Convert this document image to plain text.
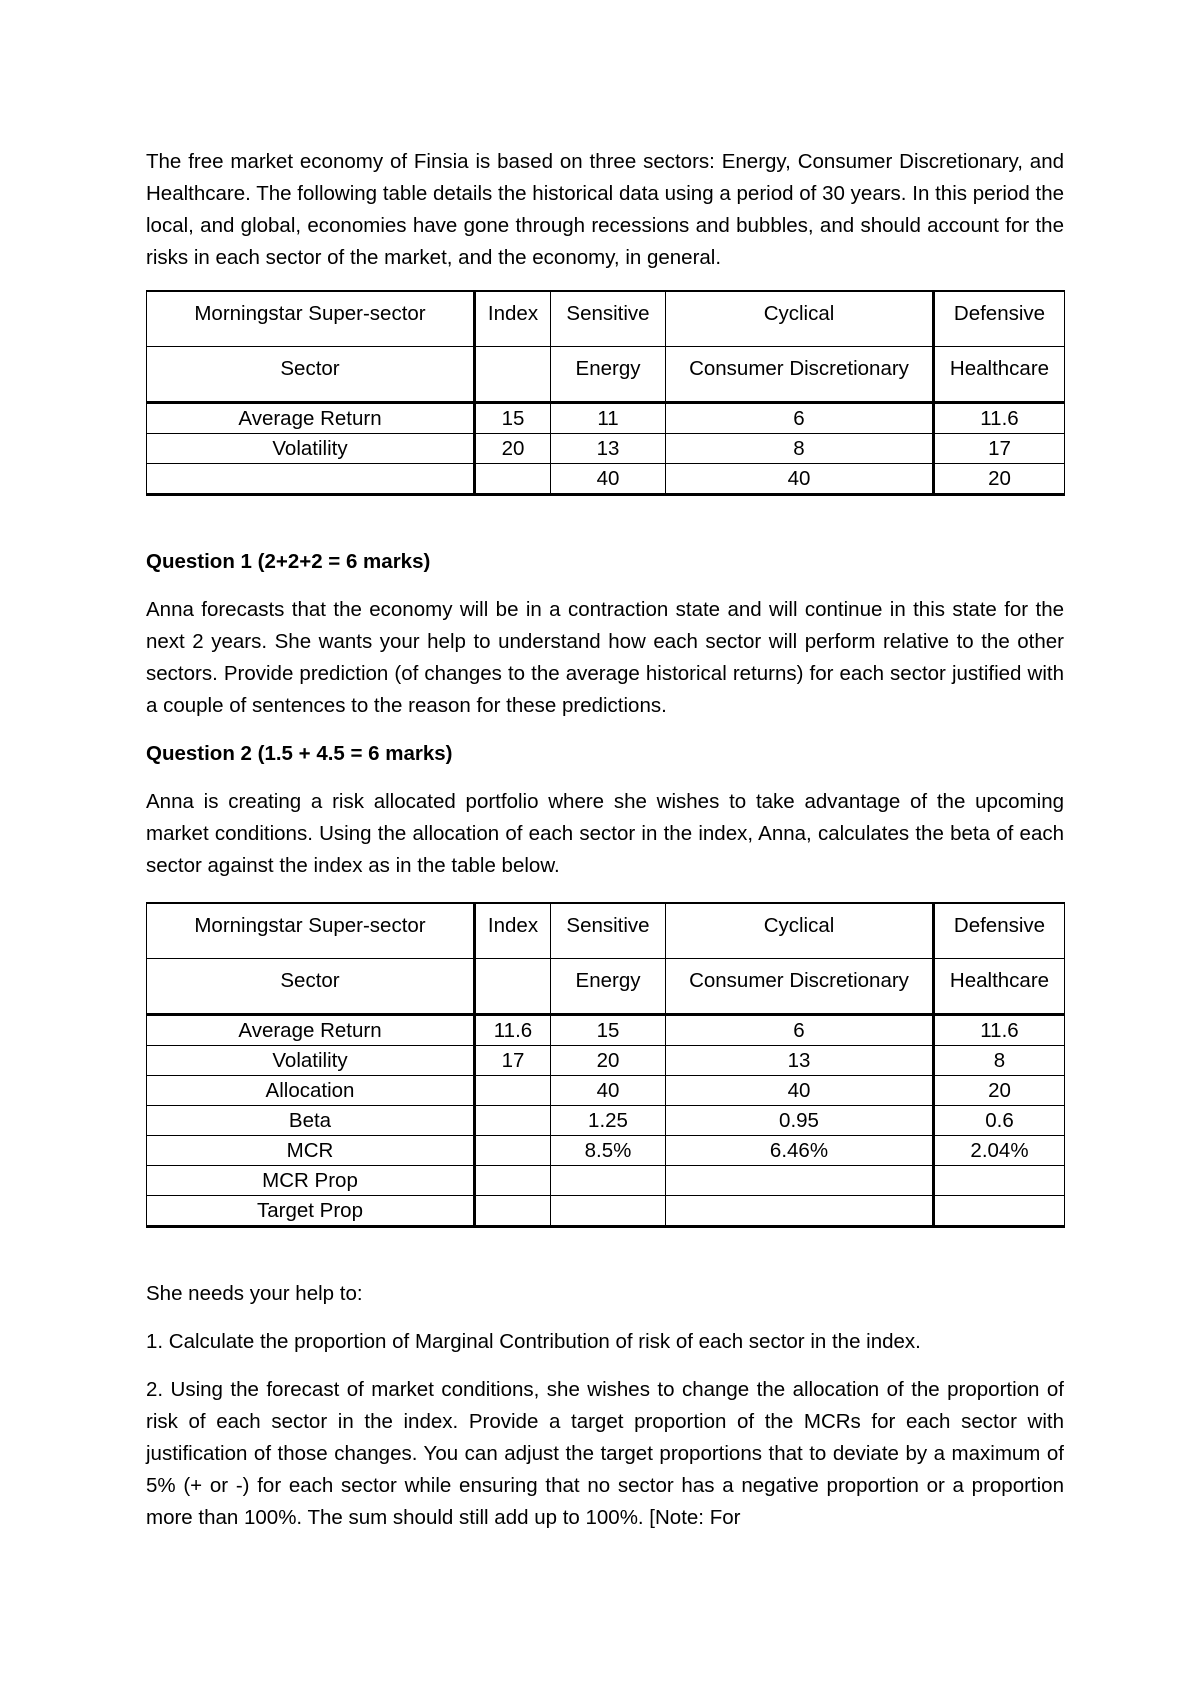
The free market economy of Finsia is based on three sectors: Energy, Consumer Discretionary, and Healthcare. The following table details the historical data using a period of 30 years. In this period the local, and global, economies have gone through recessions and bubbles, and should account for the risks in each sector of the market, and the economy, in general.

Morningstar Super-sector	Index	Sensitive	Cyclical	Defensive
Sector		Energy	Consumer Discretionary	Healthcare
Average Return	15	11	6	11.6
Volatility	20	13	8	17
		40	40	20

Question 1 (2+2+2 = 6 marks)

Anna forecasts that the economy will be in a contraction state and will continue in this state for the next 2 years. She wants your help to understand how each sector will perform relative to the other sectors. Provide prediction (of changes to the average historical returns) for each sector justified with a couple of sentences to the reason for these predictions.

Question 2 (1.5 + 4.5 = 6 marks)

Anna is creating a risk allocated portfolio where she wishes to take advantage of the upcoming market conditions. Using the allocation of each sector in the index, Anna, calculates the beta of each sector against the index as in the table below.

Morningstar Super-sector	Index	Sensitive	Cyclical	Defensive
Sector		Energy	Consumer Discretionary	Healthcare
Average Return	11.6	15	6	11.6
Volatility	17	20	13	8
Allocation		40	40	20
Beta		1.25	0.95	0.6
MCR		8.5%	6.46%	2.04%
MCR Prop				
Target Prop				

She needs your help to:

1. Calculate the proportion of Marginal Contribution of risk of each sector in the index.

2. Using the forecast of market conditions, she wishes to change the allocation of the proportion of risk of each sector in the index. Provide a target proportion of the MCRs for each sector with justification of those changes. You can adjust the target proportions that to deviate by a maximum of 5% (+ or -) for each sector while ensuring that no sector has a negative proportion or a proportion more than 100%. The sum should still add up to 100%. [Note: For
